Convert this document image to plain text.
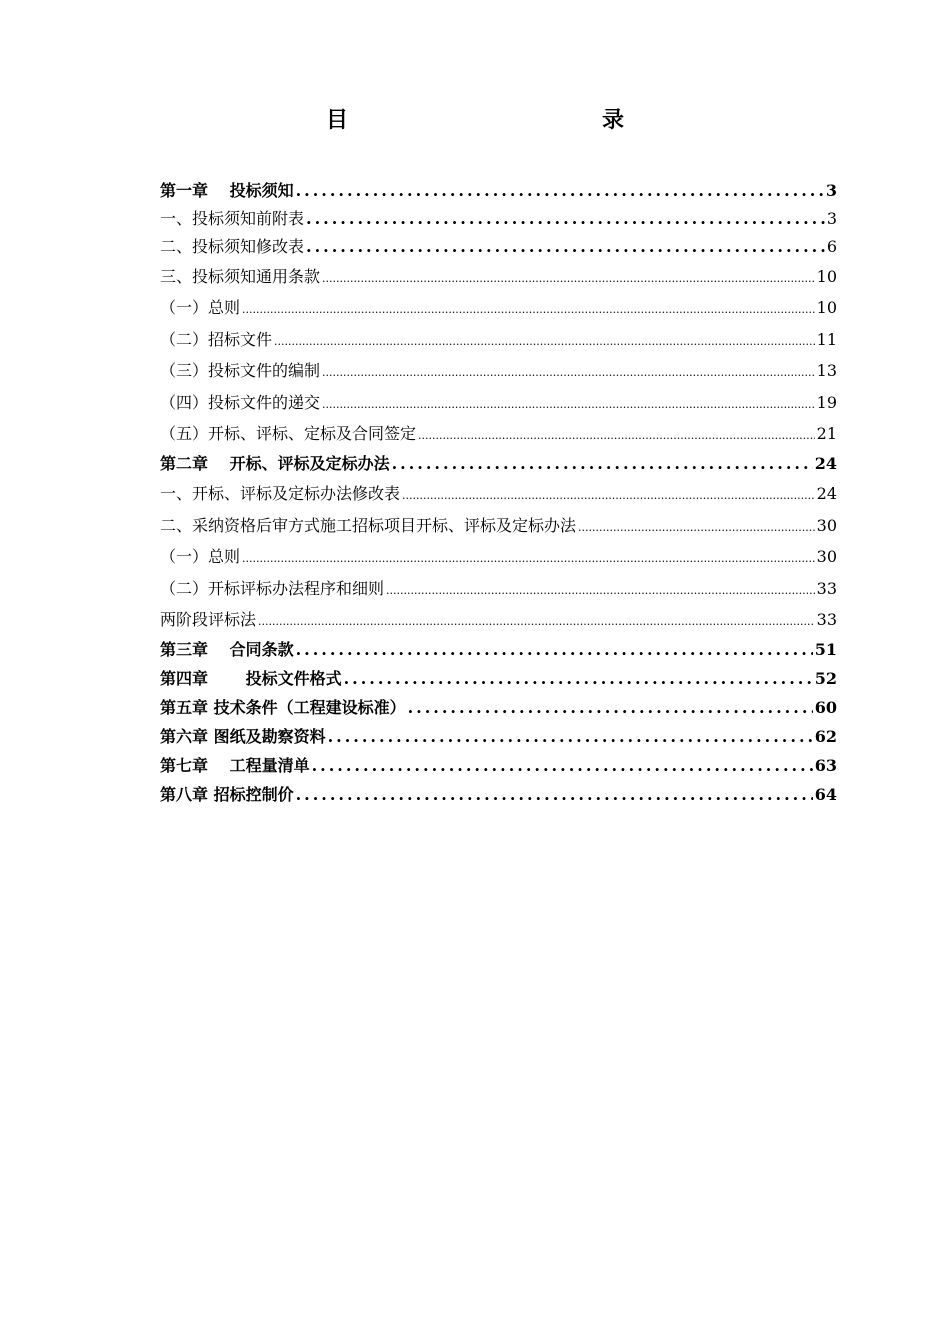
目　　录
第一章　 投标须知 .....	3
一、投标须知前附表 .....	3
二、投标须知修改表 .....	6
三、投标须知通用条款 .....	10
（一）总则 .....	10
（二）招标文件 .....	11
（三）投标文件的编制 .....	13
（四）投标文件的递交 .....	19
（五）开标、评标、定标及合同签定 .....	21
第二章　 开标、评标及定标办法 .....	24
一、开标、评标及定标办法修改表 .....	24
二、采纳资格后审方式施工招标项目开标、评标及定标办法 .....	30
（一）总则 .....	30
（二）开标评标办法程序和细则 .....	33
两阶段评标法 .....	33
第三章　 合同条款 .....	51
第四章　　 投标文件格式 .....	52
第五章 技术条件（工程建设标准） .....	60
第六章 图纸及勘察资料 .....	62
第七章　 工程量清单 .....	63
第八章 招标控制价 .....	64
